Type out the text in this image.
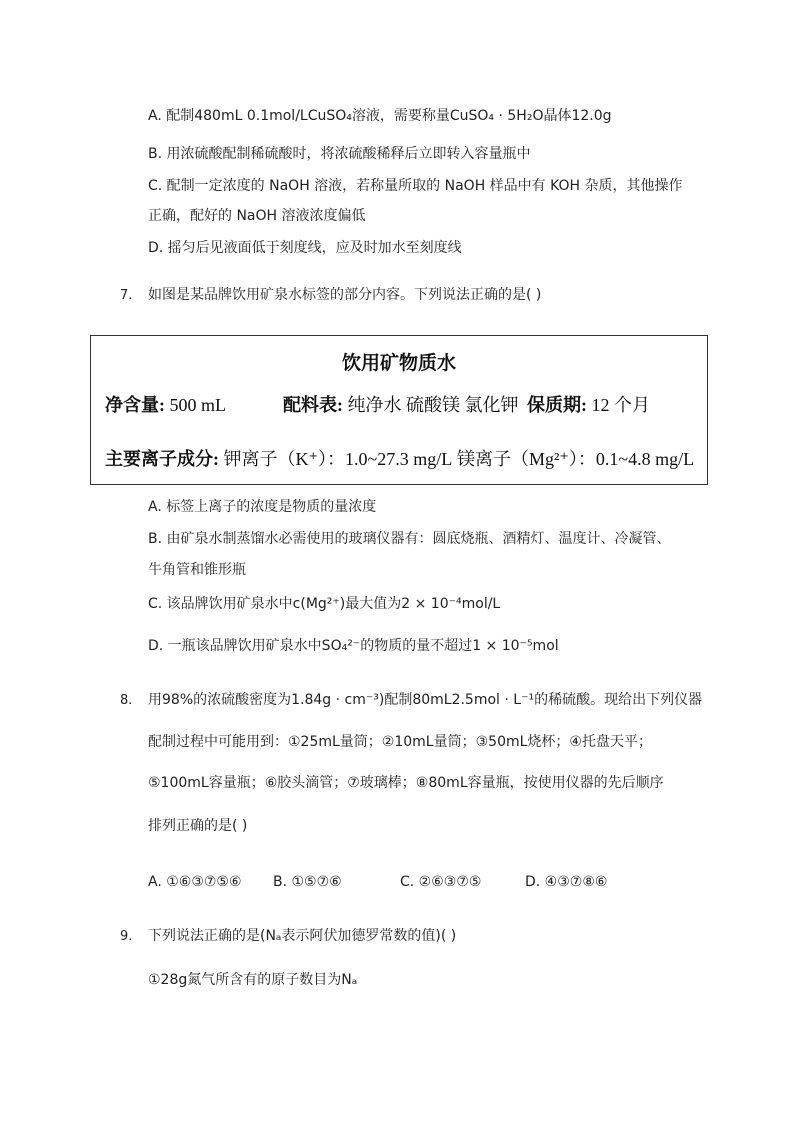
A. 配制480mL 0.1mol/LCuSO₄溶液，需要称量CuSO₄ · 5H₂O晶体12.0g
B. 用浓硫酸配制稀硫酸时，将浓硫酸稀释后立即转入容量瓶中
C. 配制一定浓度的 NaOH 溶液，若称量所取的 NaOH 样品中有 KOH 杂质，其他操作
正确，配好的 NaOH 溶液浓度偏低
D. 摇匀后见液面低于刻度线，应及时加水至刻度线
7. 如图是某品牌饮用矿泉水标签的部分内容。下列说法正确的是( )
饮用矿物质水
净含量: 500 mL	配料表: 纯净水 硫酸镁 氯化钾 保质期: 12 个月
主要离子成分: 钾离子（K⁺）：1.0~27.3 mg/L 镁离子（Mg²⁺）：0.1~4.8 mg/L
A. 标签上离子的浓度是物质的量浓度
B. 由矿泉水制蒸馏水必需使用的玻璃仪器有：圆底烧瓶、酒精灯、温度计、冷凝管、
牛角管和锥形瓶
C. 该品牌饮用矿泉水中c(Mg²⁺)最大值为2 × 10⁻⁴mol/L
D. 一瓶该品牌饮用矿泉水中SO₄²⁻的物质的量不超过1 × 10⁻⁵mol
8. 用98%的浓硫酸密度为1.84g · cm⁻³)配制80mL2.5mol · L⁻¹的稀硫酸。现给出下列仪器
配制过程中可能用到：①25mL量筒；②10mL量筒；③50mL烧杯；④托盘天平；
⑤100mL容量瓶；⑥胶头滴管；⑦玻璃棒；⑧80mL容量瓶，按使用仪器的先后顺序
排列正确的是( )
A. ①⑥③⑦⑤⑥ B. ①⑤⑦⑥	C. ②⑥③⑦⑤	D. ④③⑦⑧⑥
9. 下列说法正确的是(Nₐ表示阿伏加德罗常数的值)( )
①28g氮气所含有的原子数目为Nₐ
